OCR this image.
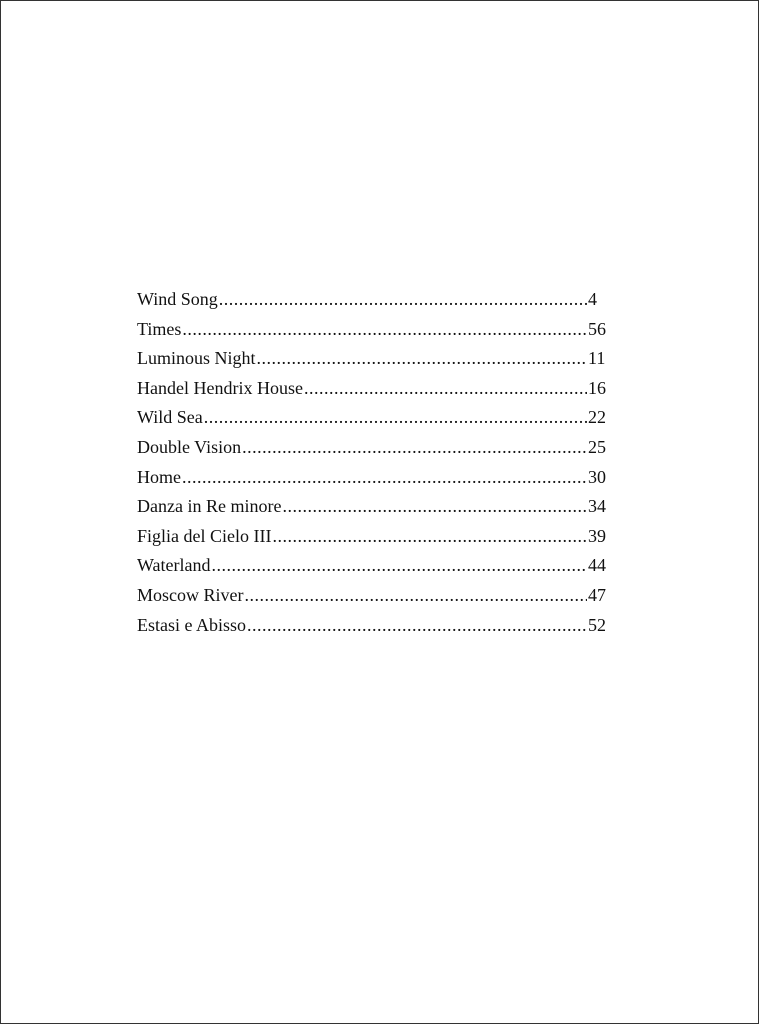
Wind Song .....	4
Times .....	56
Luminous Night .....	11
Handel Hendrix House .....	16
Wild Sea .....	22
Double Vision .....	25
Home .....	30
Danza in Re minore .....	34
Figlia del Cielo III .....	39
Waterland .....	44
Moscow River .....	47
Estasi e Abisso .....	52
